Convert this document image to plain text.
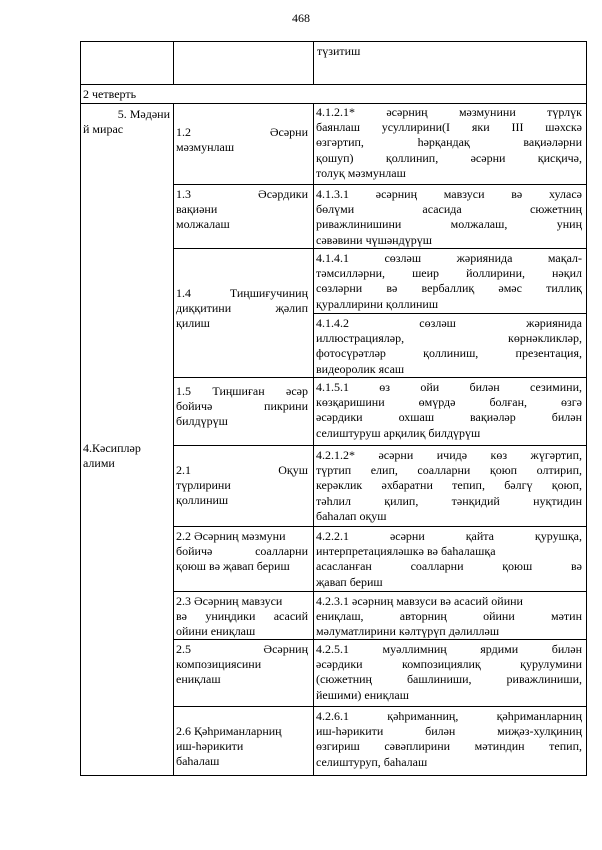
468
түзитиш
2 четверть
5. Мәдәни
й мирас
4.Кәсипләр
алими
1.2 Әсәрни
мәзмунлаш
4.1.2.1* әсәрниң мәзмунини түрлүк
баянлаш усуллирини(I яки III шәхскә
өзгәртип, һәрқандақ вақиәләрни
қошуп) қоллинип, әсәрни қисқичә,
толуқ мәзмунлаш
1.3 Әсәрдики
вақиәни
молжалаш
4.1.3.1 әсәрниң мавзуси вә хуласә
бөлүми асасида сюжетниң
риважлинишини молжалаш, униң
сәвәвини чүшәндүрүш
1.4 Тиңшиғучиниң
диққитини җәлип
қилиш
4.1.4.1 сөзләш жәриянида мақал-
тәмсилләрни, шеир йоллирини, нәқил
сөзләрни вә вербаллиқ әмәс тиллиқ
қураллирини қоллиниш
4.1.4.2 сөзләш жәриянида
иллюстрацияләр, көрнәкликләр,
фотосүрәтләр қоллиниш, презентация,
видеоролик ясаш
1.5 Тиңшиған әсәр
бойичә пикрини
билдүрүш
4.1.5.1 өз ойи билән сезимини,
көзқаришини өмүрдә болған, өзгә
әсәрдики охшаш вақиәләр билән
селиштуруш арқилиқ билдүрүш
2.1 Оқуш
түрлирини
қоллиниш
4.2.1.2* әсәрни ичидә көз жүгәртип,
түртип елип, соалларни қоюп олтирип,
керәклик әхбаратни тепип, бәлгү қоюп,
тәһлил қилип, тәнқидий нуқтидин
баһалап оқуш
2.2 Әсәрниң мәзмуни
бойичә соалларни
қоюш вә җавап бериш
4.2.2.1 әсәрни қайта қурушқа,
интерпретацияләшкә вә баһалашқа
асасланған соалларни қоюш вә
җавап бериш
2.3 Әсәрниң мавзуси
вә униңдики асасий
ойини ениқлаш
4.2.3.1 әсәрниң мавзуси вә асасий ойини
ениқлаш, авторниң ойини мәтин
мәлуматлирини кәлтүрүп дәлилләш
2.5 Әсәрниң
композициясини
ениқлаш
4.2.5.1 муәллимниң ярдими билән
әсәрдики композициялиқ қурулумини
(сюжетниң башлиниши, риважлиниши,
йешими) ениқлаш
2.6 Қәһриманларниң
иш-һәрикити
баһалаш
4.2.6.1 қәһриманниң, қәһриманларниң
иш-һәрикити билән миҗәз-хулқиниң
өзгириш сәвәплирини мәтиндин тепип,
селиштуруп, баһалаш
